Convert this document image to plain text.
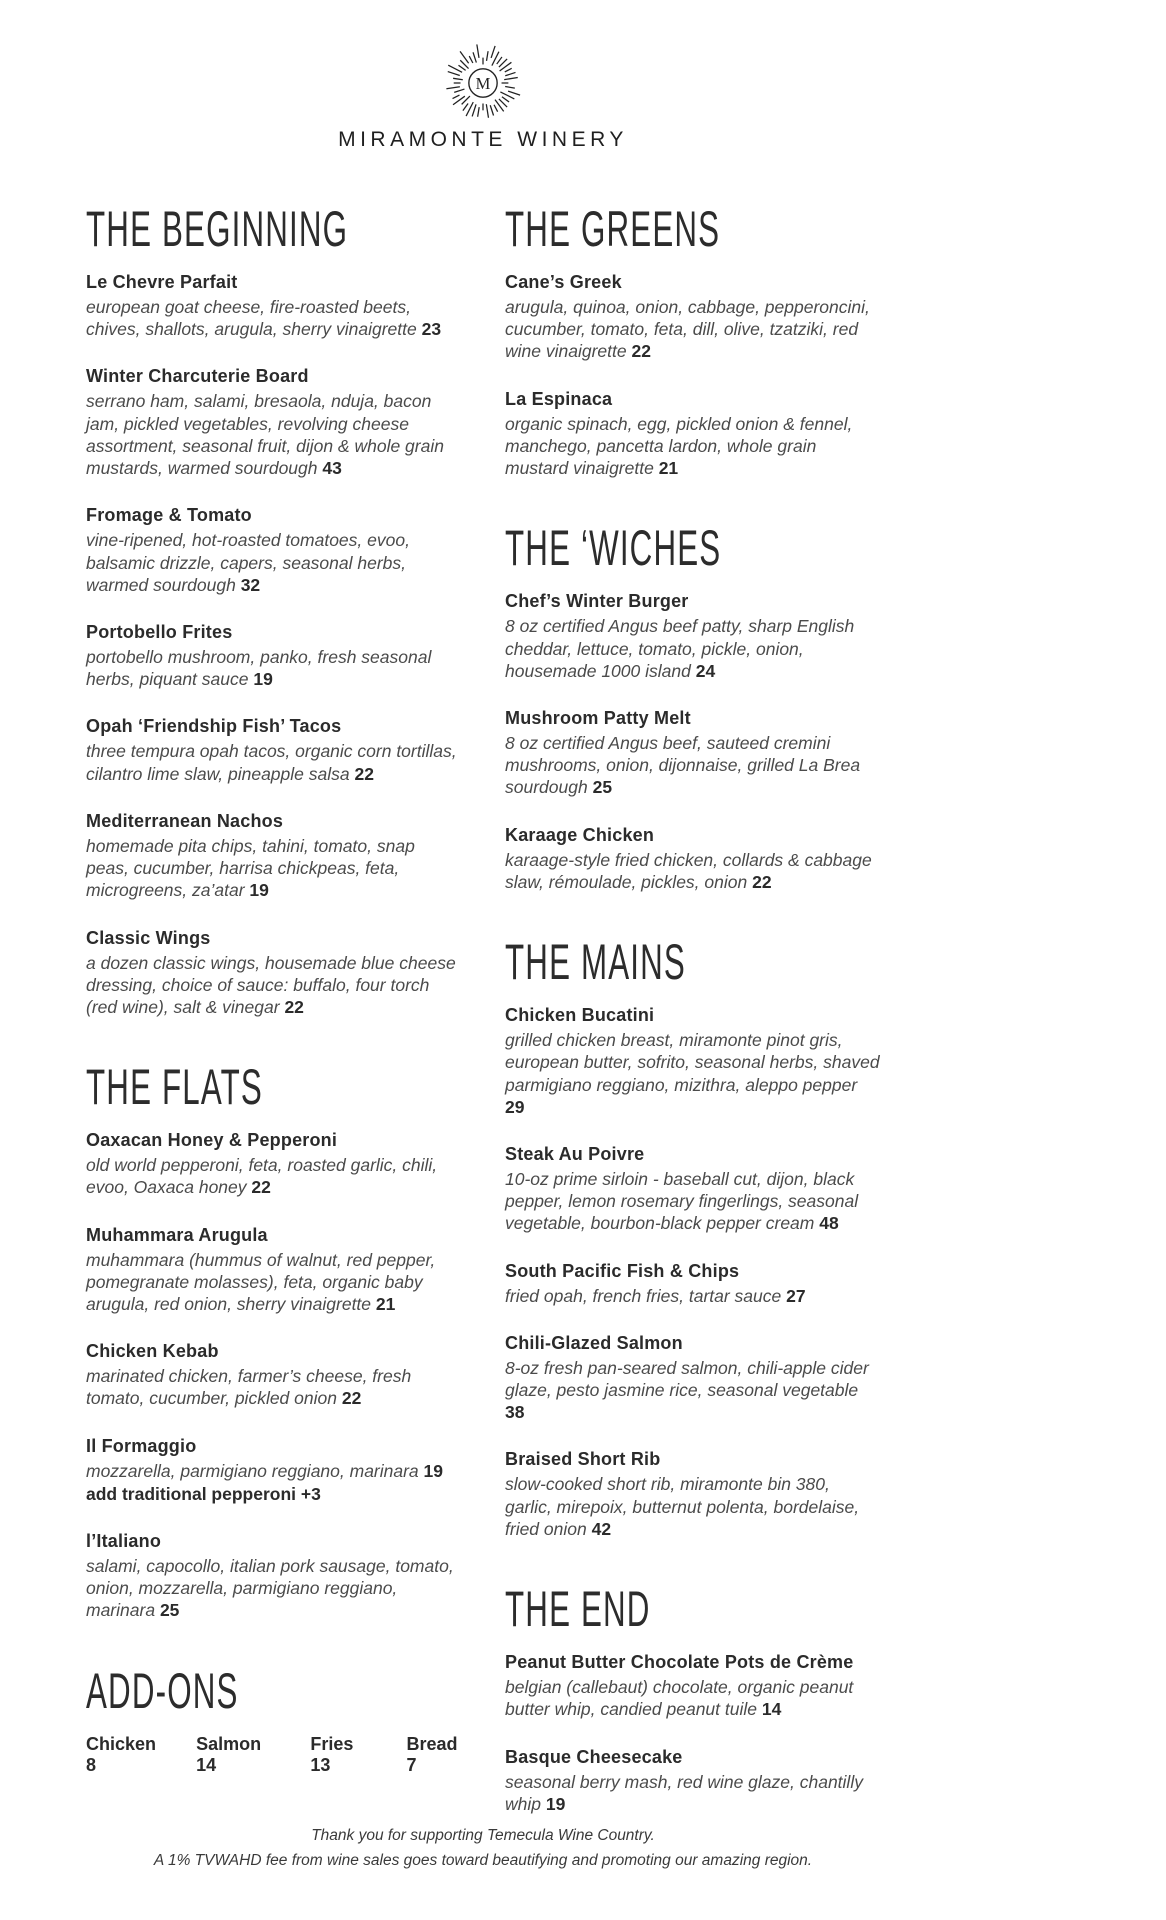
M
MIRAMONTE WINERY
THE BEGINNING
Le Chevre Parfait
european goat cheese, fire-roasted beets, chives, shallots, arugula, sherry vinaigrette 23
Winter Charcuterie Board
serrano ham, salami, bresaola, nduja, bacon jam, pickled vegetables, revolving cheese assortment, seasonal fruit, dijon & whole grain mustards, warmed sourdough 43
Fromage & Tomato
vine-ripened, hot-roasted tomatoes, evoo, balsamic drizzle, capers, seasonal herbs, warmed sourdough 32
Portobello Frites
portobello mushroom, panko, fresh seasonal herbs, piquant sauce 19
Opah ‘Friendship Fish’ Tacos
three tempura opah tacos, organic corn tortillas, cilantro lime slaw, pineapple salsa 22
Mediterranean Nachos
homemade pita chips, tahini, tomato, snap peas, cucumber, harrisa chickpeas, feta, microgreens, za’atar 19
Classic Wings
a dozen classic wings, housemade blue cheese dressing, choice of sauce: buffalo, four torch (red wine), salt & vinegar 22
THE FLATS
Oaxacan Honey & Pepperoni
old world pepperoni, feta, roasted garlic, chili, evoo, Oaxaca honey 22
Muhammara Arugula
muhammara (hummus of walnut, red pepper, pomegranate molasses), feta, organic baby arugula, red onion, sherry vinaigrette 21
Chicken Kebab
marinated chicken, farmer’s cheese, fresh tomato, cucumber, pickled onion 22
Il Formaggio
mozzarella, parmigiano reggiano, marinara 19
add traditional pepperoni +3
l’Italiano
salami, capocollo, italian pork sausage, tomato, onion, mozzarella, parmigiano reggiano, marinara 25
ADD-ONS
Chicken 8
Salmon 14
Fries 13
Bread 7
THE GREENS
Cane’s Greek
arugula, quinoa, onion, cabbage, pepperoncini, cucumber, tomato, feta, dill, olive, tzatziki, red wine vinaigrette 22
La Espinaca
organic spinach, egg, pickled onion & fennel, manchego, pancetta lardon, whole grain mustard vinaigrette 21
THE ‘WICHES
Chef’s Winter Burger
8 oz certified Angus beef patty, sharp English cheddar, lettuce, tomato, pickle, onion, housemade 1000 island 24
Mushroom Patty Melt
8 oz certified Angus beef, sauteed cremini mushrooms, onion, dijonnaise, grilled La Brea sourdough 25
Karaage Chicken
karaage-style fried chicken, collards & cabbage slaw, rémoulade, pickles, onion 22
THE MAINS
Chicken Bucatini
grilled chicken breast, miramonte pinot gris, european butter, sofrito, seasonal herbs, shaved parmigiano reggiano, mizithra, aleppo pepper 29
Steak Au Poivre
10-oz prime sirloin - baseball cut, dijon, black pepper, lemon rosemary fingerlings, seasonal vegetable, bourbon-black pepper cream 48
South Pacific Fish & Chips
fried opah, french fries, tartar sauce 27
Chili-Glazed Salmon
8-oz fresh pan-seared salmon, chili-apple cider glaze, pesto jasmine rice, seasonal vegetable 38
Braised Short Rib
slow-cooked short rib, miramonte bin 380, garlic, mirepoix, butternut polenta, bordelaise, fried onion 42
THE END
Peanut Butter Chocolate Pots de Crème
belgian (callebaut) chocolate, organic peanut butter whip, candied peanut tuile 14
Basque Cheesecake
seasonal berry mash, red wine glaze, chantilly whip 19
Thank you for supporting Temecula Wine Country.
A 1% TVWAHD fee from wine sales goes toward beautifying and promoting our amazing region.
